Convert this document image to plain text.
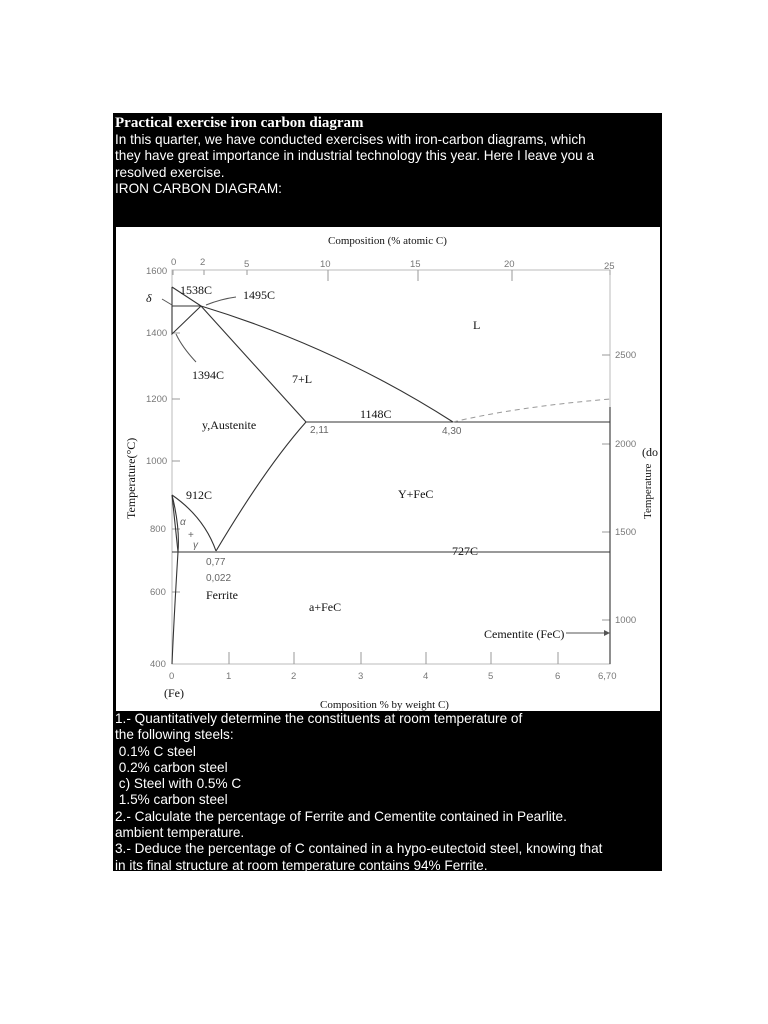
Practical exercise iron carbon diagram

In this quarter, we have conducted exercises with iron-carbon diagrams, which

they have great importance in industrial technology this year. Here I leave you a

resolved exercise.

IRON CARBON DIAGRAM:

Composition (% atomic C)
0 2	5	10	15	20	25
1600
1400
1200
1000
800
600
400
Temperature(°C)
2500
2000
1500
1000
Temperature
(do
0	1	2	3	4	5	6	6,70
(Fe)
Composition % by weight C)
1538C	1495C
δ
L
1394C	7+L
1148C
y,Austenite	2,11	4,30
912C	Y+FeC
α
+
γ	727C
0,77
0,022
Ferrite
a+FeC
Cementite (FeC)

1.- Quantitatively determine the constituents at room temperature of

the following steels:

0.1% C steel

0.2% carbon steel

c) Steel with 0.5% C

1.5% carbon steel

2.- Calculate the percentage of Ferrite and Cementite contained in Pearlite.

ambient temperature.

3.- Deduce the percentage of C contained in a hypo-eutectoid steel, knowing that

in its final structure at room temperature contains 94% Ferrite.
